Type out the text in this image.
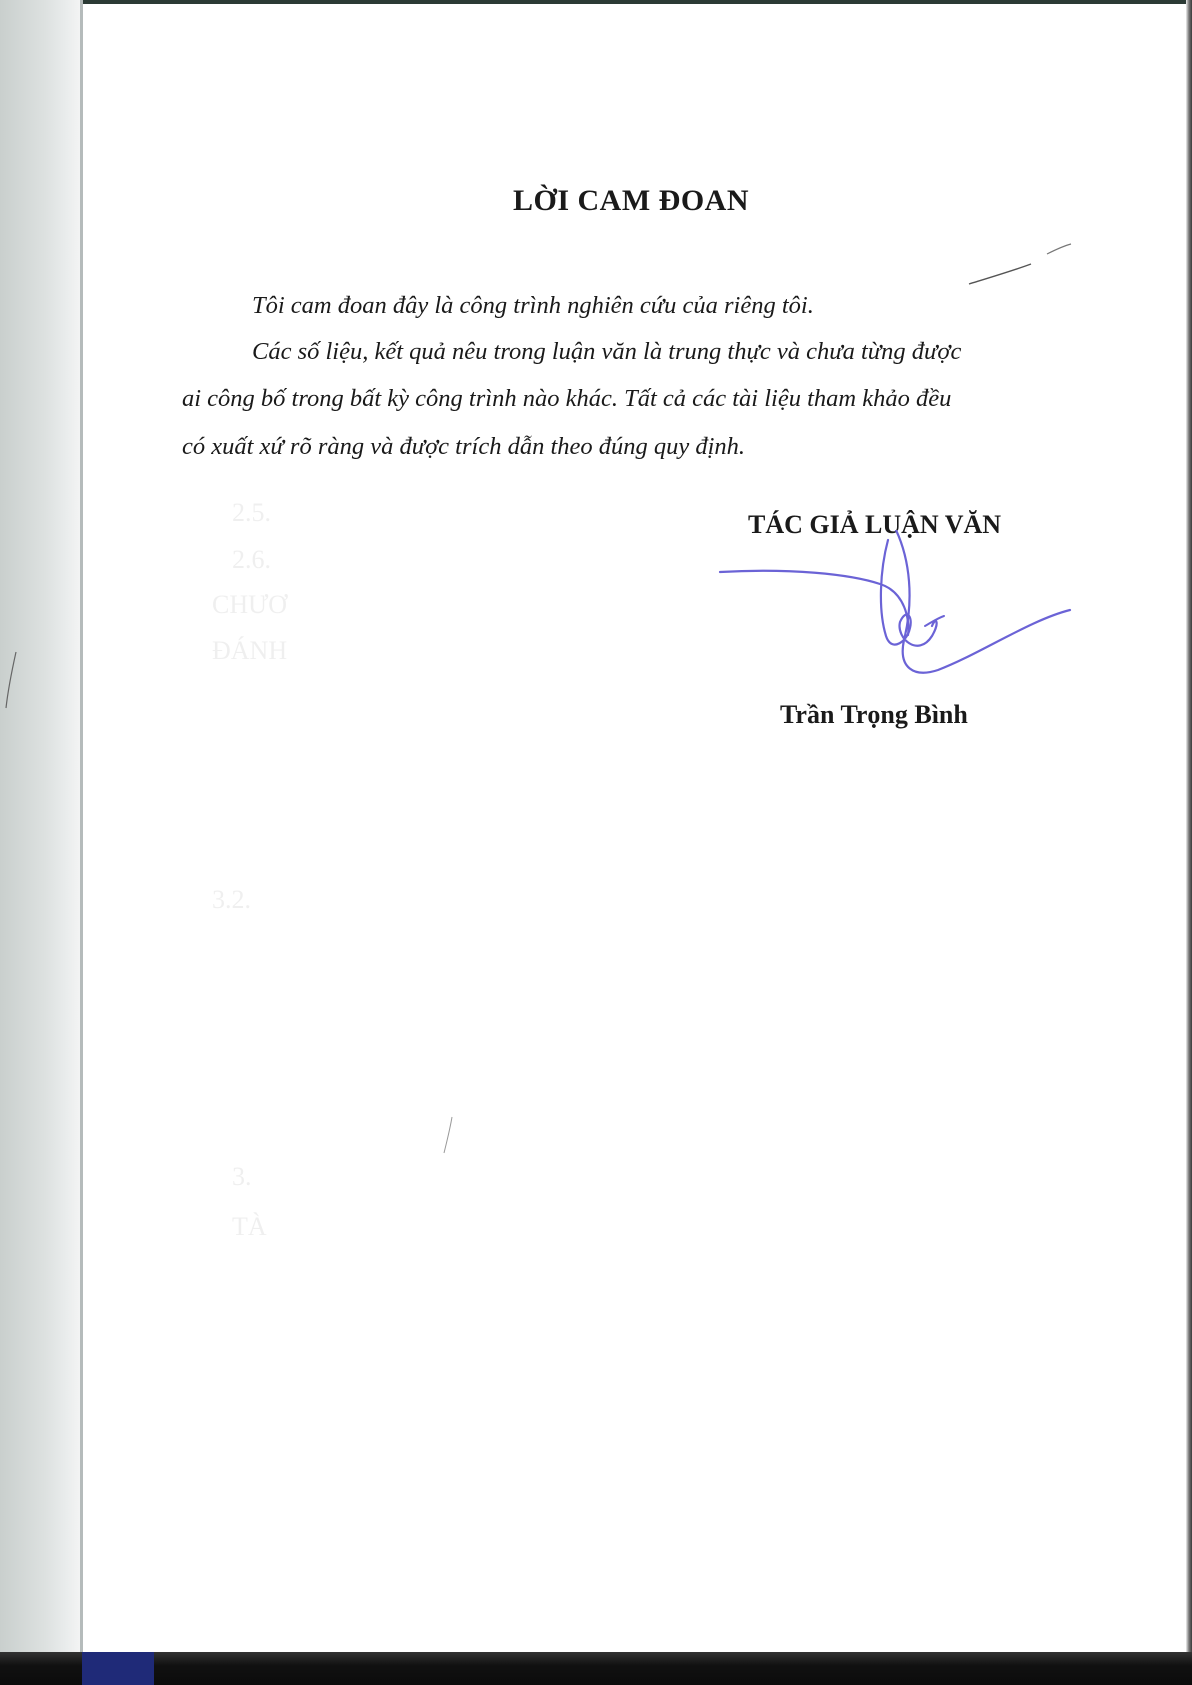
2.5.
2.6.
CHƯƠ
ĐÁNH
3.2.
3.
TÀ
LỜI CAM ĐOAN
Tôi cam đoan đây là công trình nghiên cứu của riêng tôi.
Các số liệu, kết quả nêu trong luận văn là trung thực và chưa từng được
ai công bố trong bất kỳ công trình nào khác. Tất cả các tài liệu tham khảo đều
có xuất xứ rõ ràng và được trích dẫn theo đúng quy định.
TÁC GIẢ LUẬN VĂN
Trần Trọng Bình
